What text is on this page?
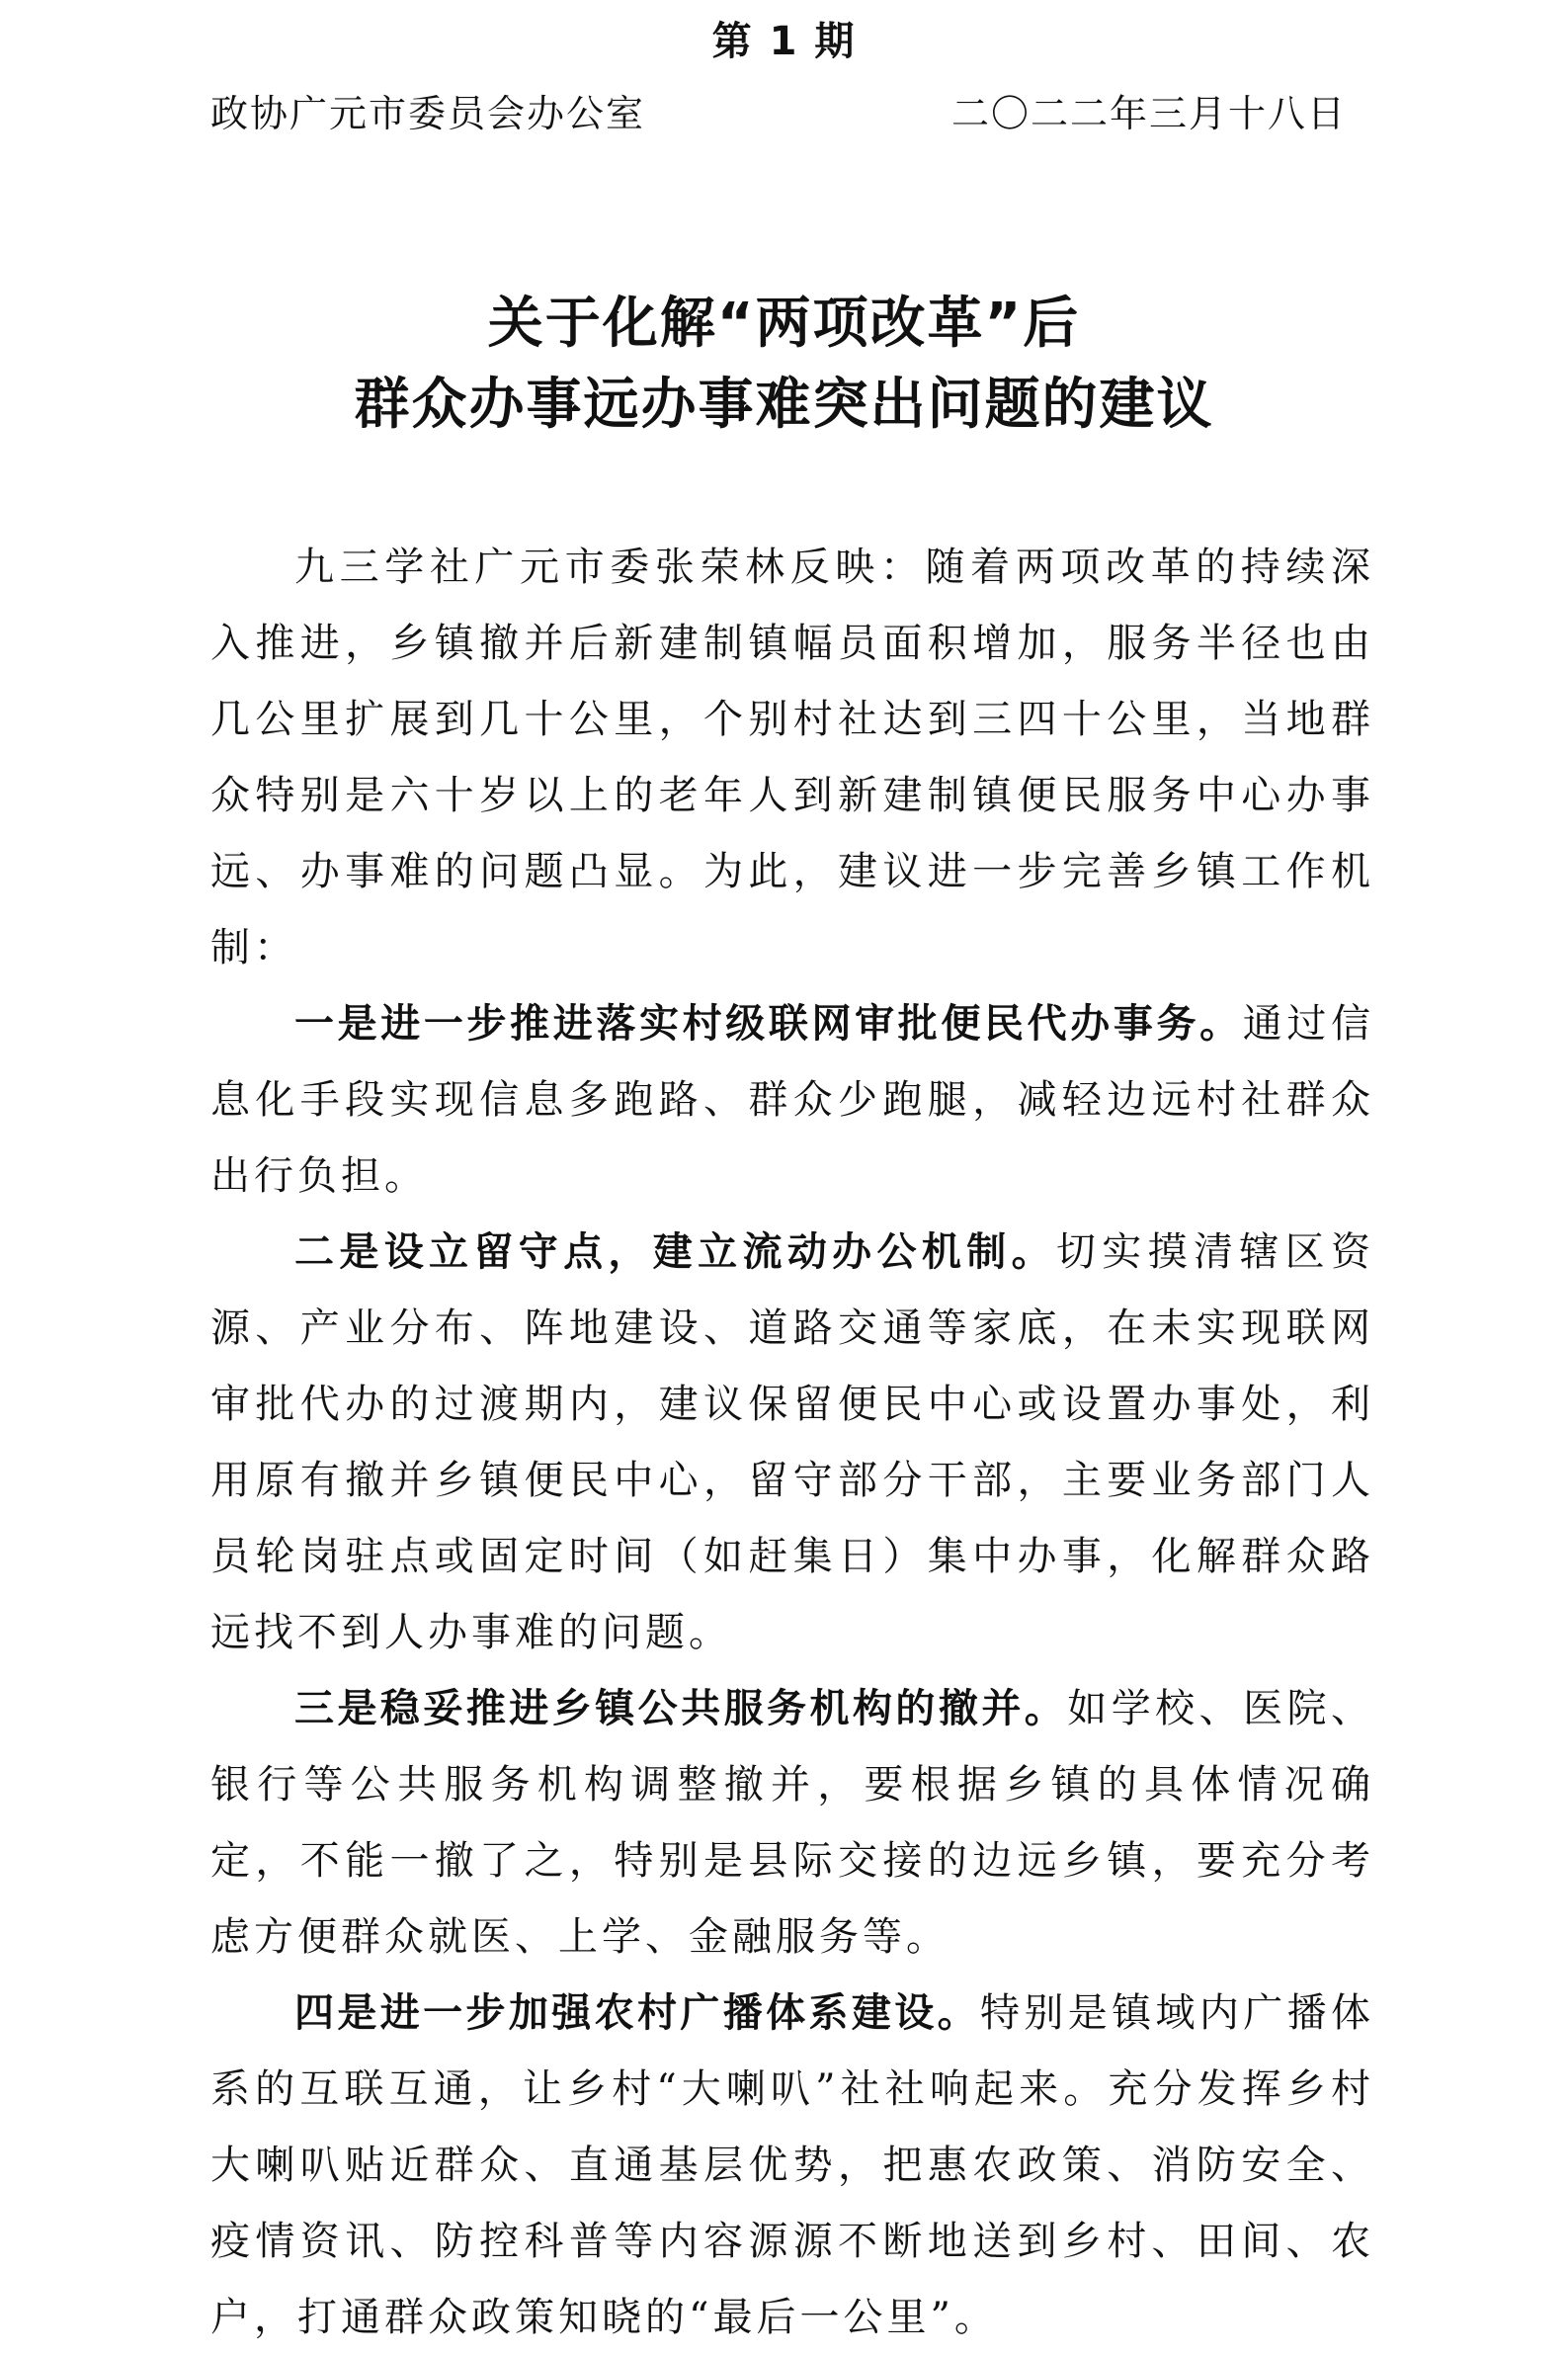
第 1 期
政协广元市委员会办公室	二〇二二年三月十八日
关于化解“两项改革”后
群众办事远办事难突出问题的建议

九三学社广元市委张荣林反映：随着两项改革的持续深入推进，乡镇撤并后新建制镇幅员面积增加，服务半径也由几公里扩展到几十公里，个别村社达到三四十公里，当地群众特别是六十岁以上的老年人到新建制镇便民服务中心办事远、办事难的问题凸显。为此，建议进一步完善乡镇工作机制：

一是进一步推进落实村级联网审批便民代办事务。通过信息化手段实现信息多跑路、群众少跑腿，减轻边远村社群众出行负担。

二是设立留守点，建立流动办公机制。切实摸清辖区资源、产业分布、阵地建设、道路交通等家底，在未实现联网审批代办的过渡期内，建议保留便民中心或设置办事处，利用原有撤并乡镇便民中心，留守部分干部，主要业务部门人员轮岗驻点或固定时间（如赶集日）集中办事，化解群众路远找不到人办事难的问题。

三是稳妥推进乡镇公共服务机构的撤并。如学校、医院、银行等公共服务机构调整撤并，要根据乡镇的具体情况确定，不能一撤了之，特别是县际交接的边远乡镇，要充分考虑方便群众就医、上学、金融服务等。

四是进一步加强农村广播体系建设。特别是镇域内广播体系的互联互通，让乡村“大喇叭”社社响起来。充分发挥乡村大喇叭贴近群众、直通基层优势，把惠农政策、消防安全、疫情资讯、防控科普等内容源源不断地送到乡村、田间、农户，打通群众政策知晓的“最后一公里”。
